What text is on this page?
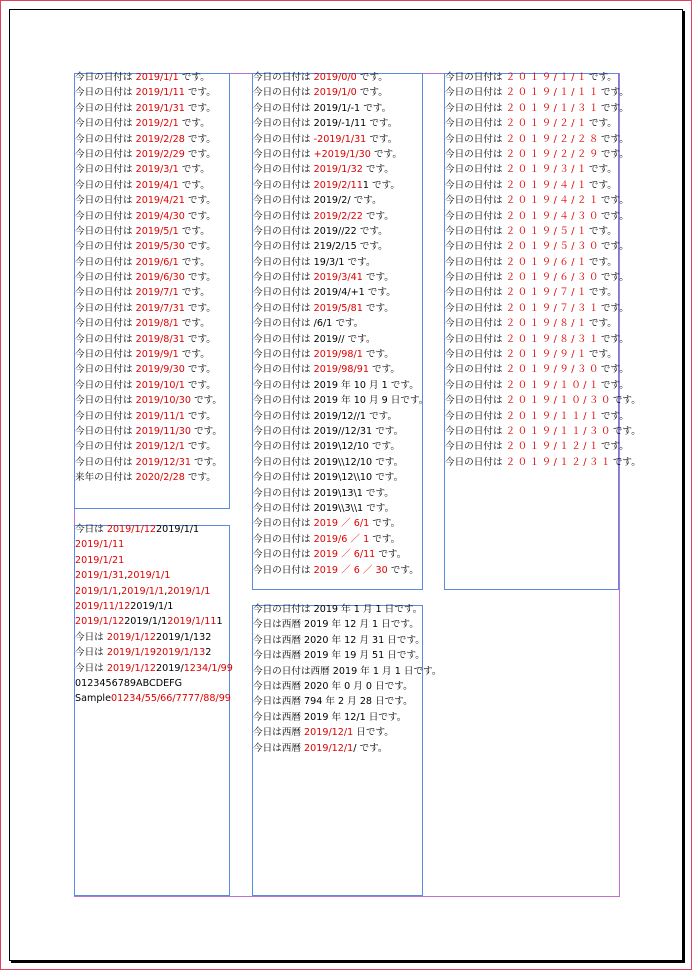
今日の日付は 2019/1/1 です。
今日の日付は 2019/1/11 です。
今日の日付は 2019/1/31 です。
今日の日付は 2019/2/1 です。
今日の日付は 2019/2/28 です。
今日の日付は 2019/2/29 です。
今日の日付は 2019/3/1 です。
今日の日付は 2019/4/1 です。
今日の日付は 2019/4/21 です。
今日の日付は 2019/4/30 です。
今日の日付は 2019/5/1 です。
今日の日付は 2019/5/30 です。
今日の日付は 2019/6/1 です。
今日の日付は 2019/6/30 です。
今日の日付は 2019/7/1 です。
今日の日付は 2019/7/31 です。
今日の日付は 2019/8/1 です。
今日の日付は 2019/8/31 です。
今日の日付は 2019/9/1 です。
今日の日付は 2019/9/30 です。
今日の日付は 2019/10/1 です。
今日の日付は 2019/10/30 です。
今日の日付は 2019/11/1 です。
今日の日付は 2019/11/30 です。
今日の日付は 2019/12/1 です。
今日の日付は 2019/12/31 です。
来年の日付は 2020/2/28 です。
今日の日付は 2019/0/0 です。
今日の日付は 2019/1/0 です。
今日の日付は 2019/1/-1 です。
今日の日付は 2019/-1/11 です。
今日の日付は -2019/1/31 です。
今日の日付は +2019/1/30 です。
今日の日付は 2019/1/32 です。
今日の日付は 2019/2/111 です。
今日の日付は 2019/2/ です。
今日の日付は 2019/2/22 です。
今日の日付は 2019//22 です。
今日の日付は 219/2/15 です。
今日の日付は 19/3/1 です。
今日の日付は 2019/3/41 です。
今日の日付は 2019/4/+1 です。
今日の日付は 2019/5/81 です。
今日の日付は /6/1 です。
今日の日付は 2019// です。
今日の日付は 2019/98/1 です。
今日の日付は 2019/98/91 です。
今日の日付は 2019 年 10 月 1 です。
今日の日付は 2019 年 10 月 9 日です。
今日の日付は 2019/12//1 です。
今日の日付は 2019//12/31 です。
今日の日付は 2019\12/10 です。
今日の日付は 2019\\12/10 です。
今日の日付は 2019\12\\10 です。
今日の日付は 2019\13\1 です。
今日の日付は 2019\\3\\1 です。
今日の日付は 2019 ／ 6/1 です。
今日の日付は 2019/6 ／ 1 です。
今日の日付は 2019 ／ 6/11 です。
今日の日付は 2019 ／ 6 ／ 30 です。
今日の日付は ２０１９/１/１です。
今日の日付は ２０１９/１/１１です。
今日の日付は ２０１９/１/３１です。
今日の日付は ２０１９/２/１です。
今日の日付は ２０１９/２/２８です。
今日の日付は ２０１９/２/２９です。
今日の日付は ２０１９/３/１です。
今日の日付は ２０１９/４/１です。
今日の日付は ２０１９/４/２１です。
今日の日付は ２０１９/４/３０です。
今日の日付は ２０１９/５/１です。
今日の日付は ２０１９/５/３０です。
今日の日付は ２０１９/６/１です。
今日の日付は ２０１９/６/３０です。
今日の日付は ２０１９/７/１です。
今日の日付は ２０１９/７/３１です。
今日の日付は ２０１９/８/１です。
今日の日付は ２０１９/８/３１です。
今日の日付は ２０１９/９/１です。
今日の日付は ２０１９/９/３０です。
今日の日付は ２０１９/１０/１です。
今日の日付は ２０１９/１０/３０です。
今日の日付は ２０１９/１１/１です。
今日の日付は ２０１９/１１/３０です。
今日の日付は ２０１９/１２/１です。
今日の日付は ２０１９/１２/３１です。
今日は 2019/1/122019/1/1
2019/1/11
2019/1/21
2019/1/31,2019/1/1
2019/1/1,2019/1/1,2019/1/1
2019/11/122019/1/1
2019/1/122019/1/12019/1/111
今日は 2019/1/122019/1/132
今日は 2019/1/192019/1/132
今日は 2019/1/122019/1234/1/99
0123456789ABCDEFG
Sample01234/55/66/7777/88/99
今日の日付は 2019 年 1 月 1 日です。
今日は西暦 2019 年 12 月 1 日です。
今日は西暦 2020 年 12 月 31 日です。
今日は西暦 2019 年 19 月 51 日です。
今日の日付は西暦 2019 年 1 月 1 日です。
今日は西暦 2020 年 0 月 0 日です。
今日は西暦 794 年 2 月 28 日です。
今日は西暦 2019 年 12/1 日です。
今日は西暦 2019/12/1 日です。
今日は西暦 2019/12/1/ です。
